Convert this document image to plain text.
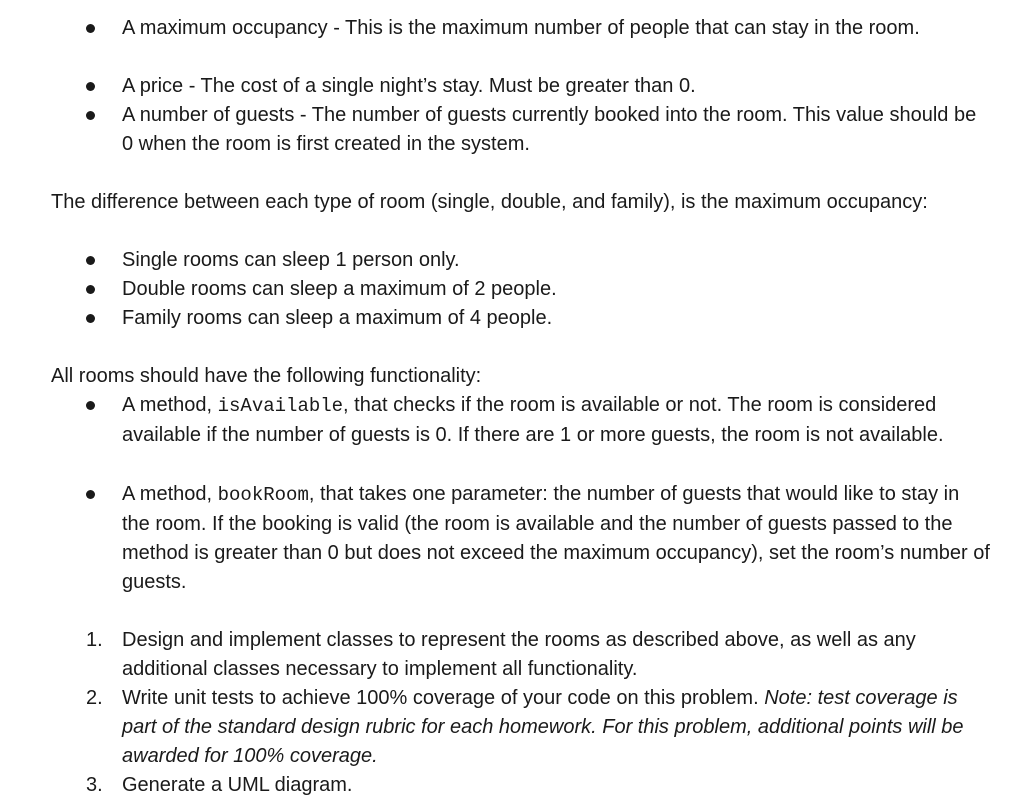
A maximum occupancy - This is the maximum number of people that can stay in the room.

A price - The cost of a single night’s stay. Must be greater than 0.

A number of guests - The number of guests currently booked into the room. This value should be 0 when the room is first created in the system.

The difference between each type of room (single, double, and family), is the maximum occupancy:

Single rooms can sleep 1 person only.

Double rooms can sleep a maximum of 2 people.

Family rooms can sleep a maximum of 4 people.

All rooms should have the following functionality:

A method, isAvailable, that checks if the room is available or not. The room is considered available if the number of guests is 0. If there are 1 or more guests, the room is not available.

A method, bookRoom, that takes one parameter: the number of guests that would like to stay in the room. If the booking is valid (the room is available and the number of guests passed to the method is greater than 0 but does not exceed the maximum occupancy), set the room’s number of guests.

1. Design and implement classes to represent the rooms as described above, as well as any additional classes necessary to implement all functionality.

2. Write unit tests to achieve 100% coverage of your code on this problem. Note: test coverage is part of the standard design rubric for each homework. For this problem, additional points will be awarded for 100% coverage.

3. Generate a UML diagram.
